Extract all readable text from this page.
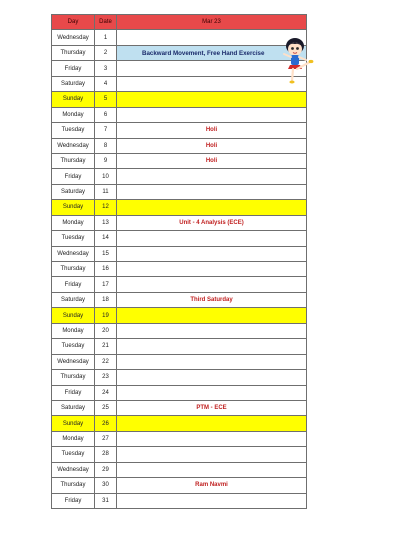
Day	Date	Mar 23
Wednesday	1	
Thursday	2	Backward Movement, Free Hand Exercise
Friday	3	
Saturday	4	
Sunday	5	
Monday	6	
Tuesday	7	Holi
Wednesday	8	Holi
Thursday	9	Holi
Friday	10	
Saturday	11	
Sunday	12	
Monday	13	Unit - 4 Analysis (ECE)
Tuesday	14	
Wednesday	15	
Thursday	16	
Friday	17	
Saturday	18	Third Saturday
Sunday	19	
Monday	20	
Tuesday	21	
Wednesday	22	
Thursday	23	
Friday	24	
Saturday	25	PTM - ECE
Sunday	26	
Monday	27	
Tuesday	28	
Wednesday	29	
Thursday	30	Ram Navmi
Friday	31	
